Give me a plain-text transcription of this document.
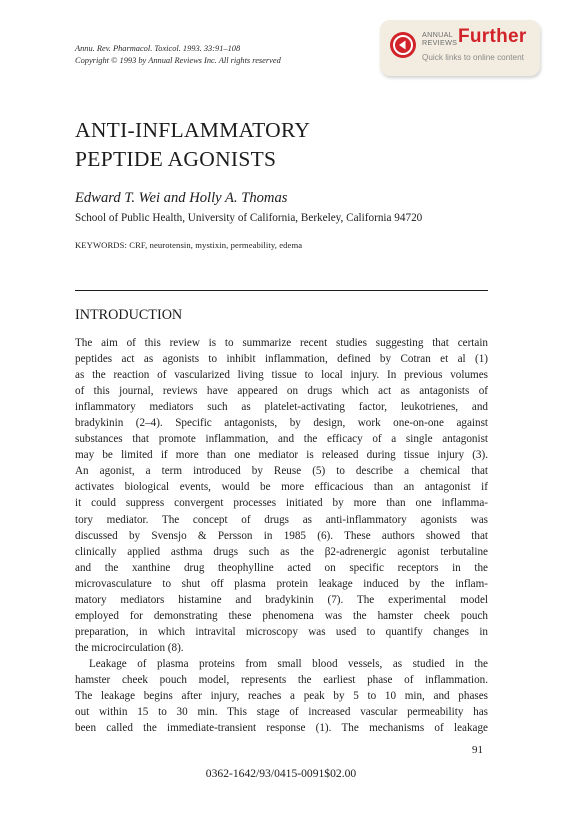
Annu. Rev. Pharmacol. Toxicol. 1993. 33:91–108
Copyright © 1993 by Annual Reviews Inc. All rights reserved
ANNUAL
REVIEWS Further
Quick links to online content
ANTI-INFLAMMATORY
PEPTIDE AGONISTS
Edward T. Wei and Holly A. Thomas
School of Public Health, University of California, Berkeley, California 94720
KEYWORDS: CRF, neurotensin, mystixin, permeability, edema
INTRODUCTION
The aim of this review is to summarize recent studies suggesting that certain
peptides act as agonists to inhibit inflammation, defined by Cotran et al (1)
as the reaction of vascularized living tissue to local injury. In previous volumes
of this journal, reviews have appeared on drugs which act as antagonists of
inflammatory mediators such as platelet-activating factor, leukotrienes, and
bradykinin (2–4). Specific antagonists, by design, work one-on-one against
substances that promote inflammation, and the efficacy of a single antagonist
may be limited if more than one mediator is released during tissue injury (3).
An agonist, a term introduced by Reuse (5) to describe a chemical that
activates biological events, would be more efficacious than an antagonist if
it could suppress convergent processes initiated by more than one inflamma-
tory mediator. The concept of drugs as anti-inflammatory agonists was
discussed by Svensjo & Persson in 1985 (6). These authors showed that
clinically applied asthma drugs such as the β2-adrenergic agonist terbutaline
and the xanthine drug theophylline acted on specific receptors in the
microvasculature to shut off plasma protein leakage induced by the inflam-
matory mediators histamine and bradykinin (7). The experimental model
employed for demonstrating these phenomena was the hamster cheek pouch
preparation, in which intravital microscopy was used to quantify changes in
the microcirculation (8).
Leakage of plasma proteins from small blood vessels, as studied in the
hamster cheek pouch model, represents the earliest phase of inflammation.
The leakage begins after injury, reaches a peak by 5 to 10 min, and phases
out within 15 to 30 min. This stage of increased vascular permeability has
been called the immediate-transient response (1). The mechanisms of leakage
91
0362-1642/93/0415-0091$02.00
